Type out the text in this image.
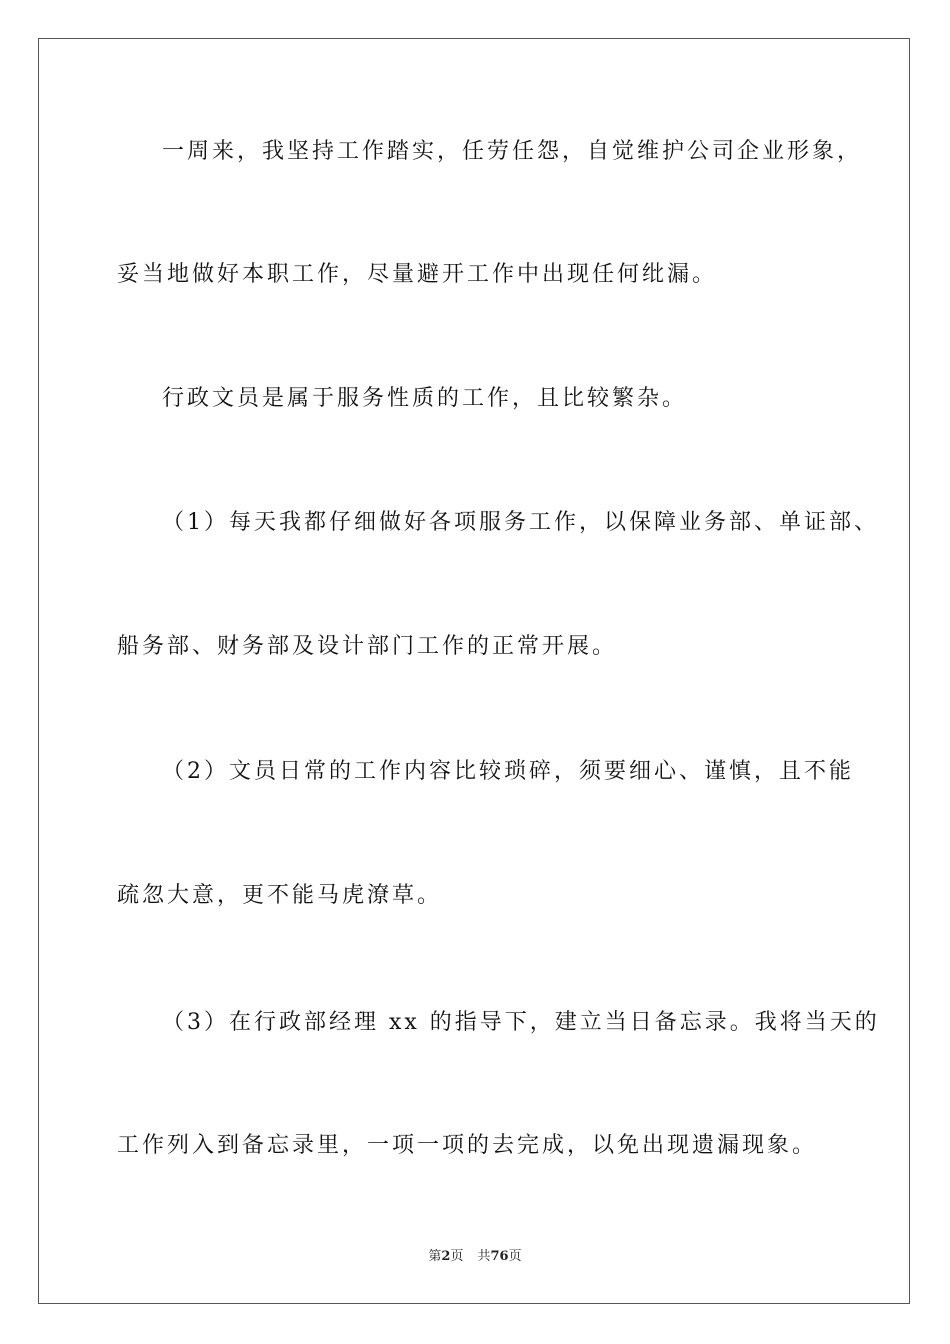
一周来，我坚持工作踏实，任劳任怨，自觉维护公司企业形象，

妥当地做好本职工作，尽量避开工作中出现任何纰漏。

行政文员是属于服务性质的工作，且比较繁杂。

（1）每天我都仔细做好各项服务工作，以保障业务部、单证部、

船务部、财务部及设计部门工作的正常开展。

（2）文员日常的工作内容比较琐碎，须要细心、谨慎，且不能

疏忽大意，更不能马虎潦草。

（3）在行政部经理 xx 的指导下，建立当日备忘录。我将当天的

工作列入到备忘录里，一项一项的去完成，以免出现遗漏现象。

第2页 共76页
